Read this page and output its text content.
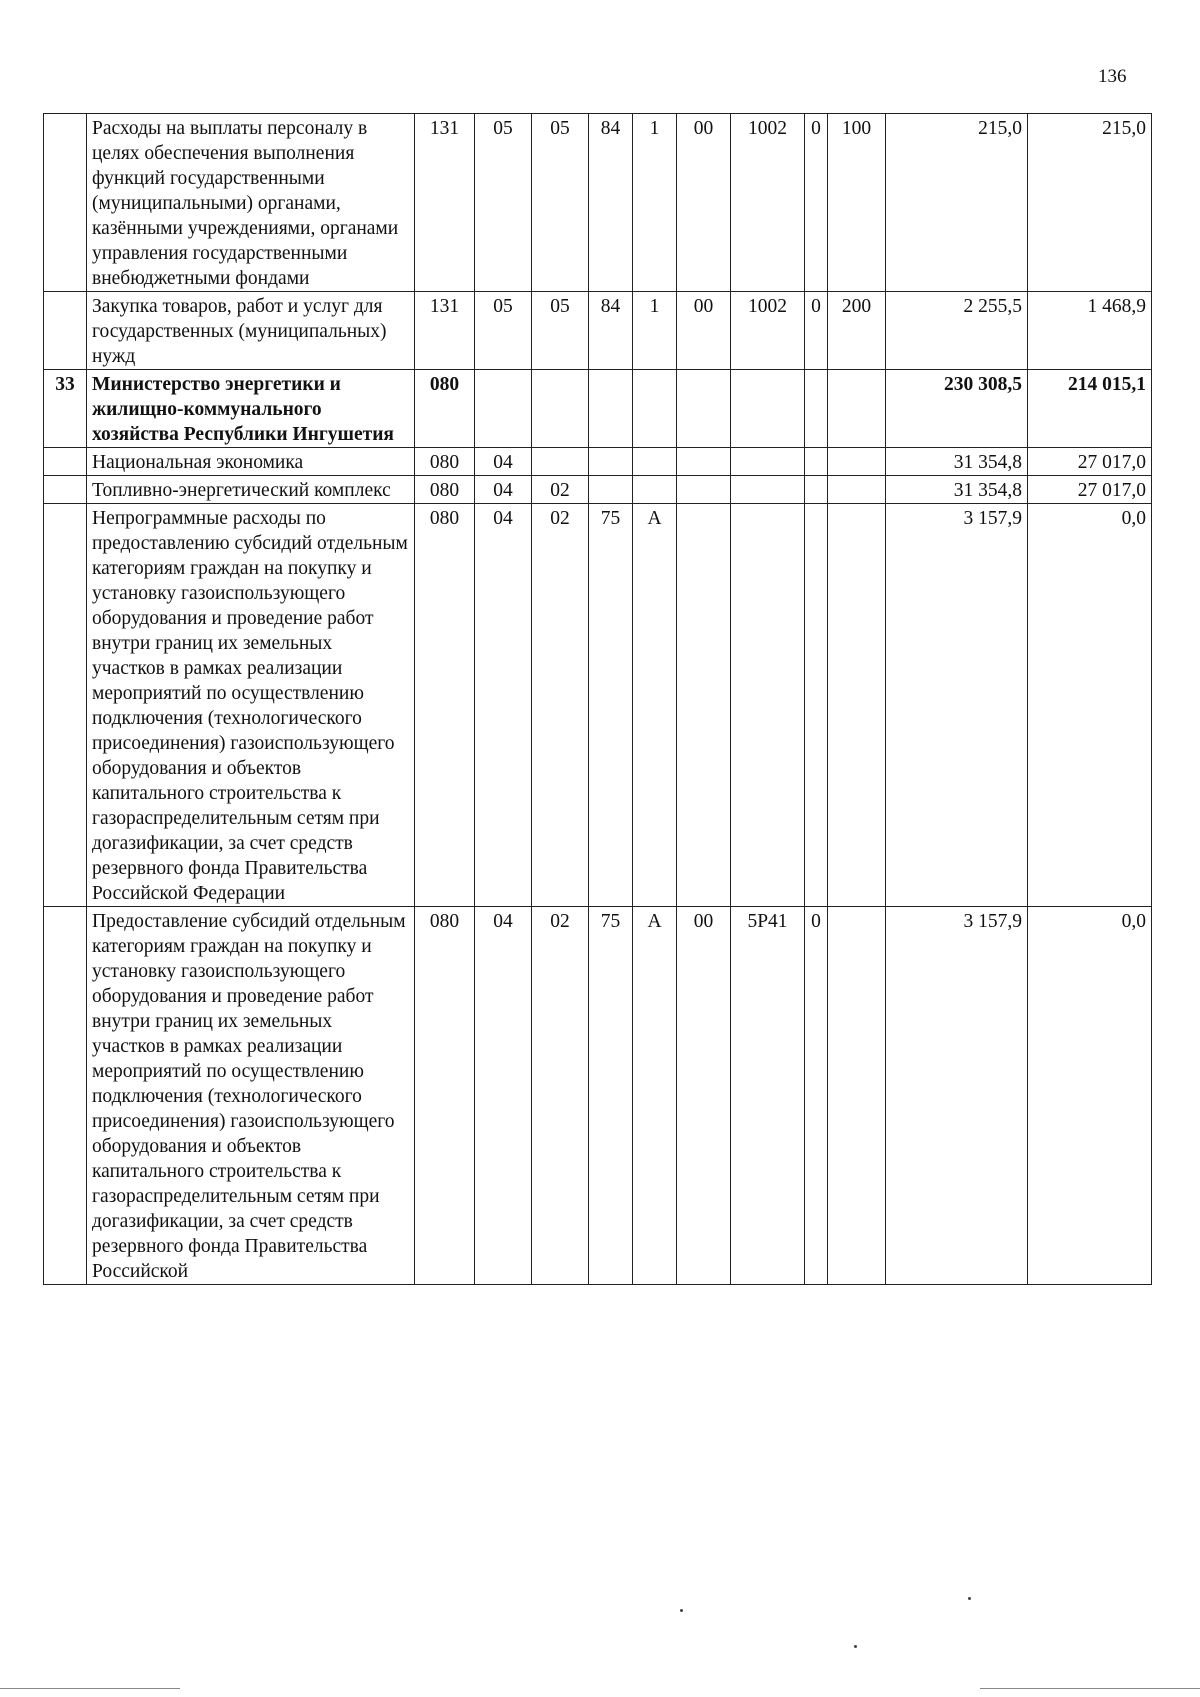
136
	Расходы на выплаты персоналу в целях обеспечения выполнения функций государственными (муниципальными) органами, казёнными учреждениями, органами управления государственными внебюджетными фондами	131	05	05	84	1	00	1002	0	100	215,0	215,0
	Закупка товаров, работ и услуг для государственных (муниципальных) нужд	131	05	05	84	1	00	1002	0	200	2 255,5	1 468,9
33	Министерство энергетики и жилищно-коммунального хозяйства Республики Ингушетия	080									230 308,5	214 015,1
	Национальная экономика	080	04								31 354,8	27 017,0
	Топливно-энергетический комплекс	080	04	02							31 354,8	27 017,0
	Непрограммные расходы по предоставлению субсидий отдельным категориям граждан на покупку и установку газоиспользующего оборудования и проведение работ внутри границ их земельных участков в рамках реализации мероприятий по осуществлению подключения (технологического присоединения) газоиспользующего оборудования и объектов капитального строительства к газораспределительным сетям при догазификации, за счет средств резервного фонда Правительства Российской Федерации	080	04	02	75	А					3 157,9	0,0
	Предоставление субсидий отдельным категориям граждан на покупку и установку газоиспользующего оборудования и проведение работ внутри границ их земельных участков в рамках реализации мероприятий по осуществлению подключения (технологического присоединения) газоиспользующего оборудования и объектов капитального строительства к газораспределительным сетям при догазификации, за счет средств резервного фонда Правительства Российской	080	04	02	75	А	00	5P41	0		3 157,9	0,0
